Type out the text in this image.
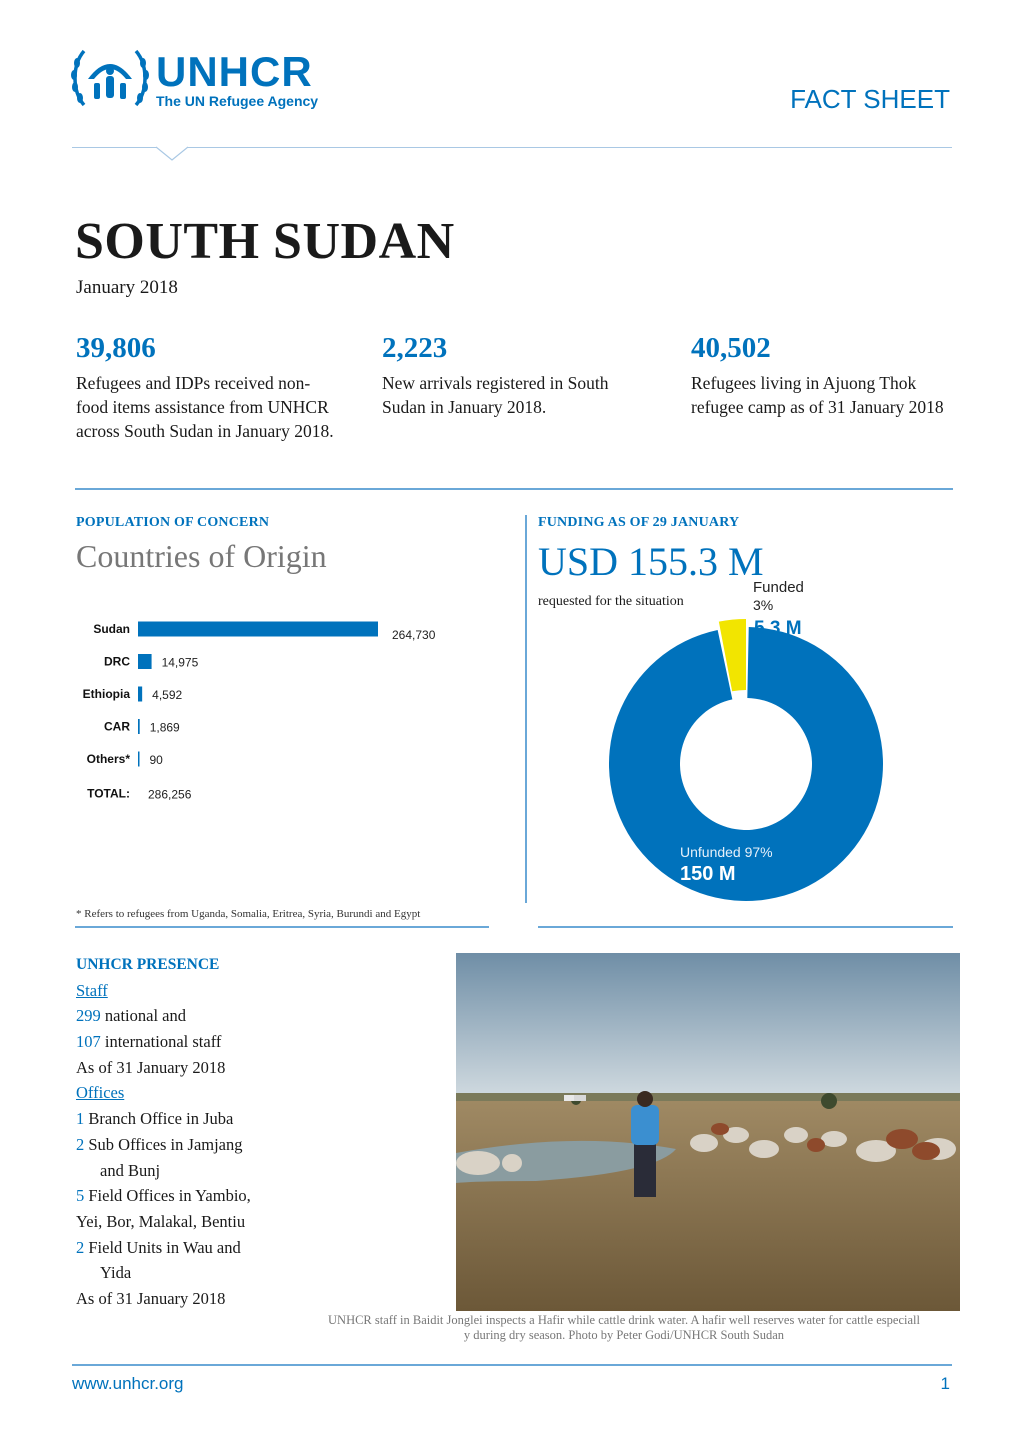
UNHCR
The UN Refugee Agency	FACT SHEET
SOUTH SUDAN
January 2018
39,806
Refugees and IDPs received non-
food items assistance from UNHCR
across South Sudan in January 2018.
2,223
New arrivals registered in South
Sudan in January 2018.
40,502
Refugees living in Ajuong Thok
refugee camp as of 31 January 2018
POPULATION OF CONCERN
Countries of Origin
Sudan	264,730
DRC	14,975
Ethiopia 4,592
CAR 1,869
Others* 90
TOTAL: 286,256
* Refers to refugees from Uganda, Somalia, Eritrea, Syria, Burundi and Egypt
FUNDING AS OF 29 JANUARY
USD 155.3 M
requested for the situation
Funded
3%
5.3 M
Unfunded 97%
150 M
UNHCR PRESENCE
Staff
299 national and
107 international staff
As of 31 January 2018
Offices
1 Branch Office in Juba
2 Sub Offices in Jamjang
and Bunj
5 Field Offices in Yambio,
Yei, Bor, Malakal, Bentiu
2 Field Units in Wau and
Yida
As of 31 January 2018
UNHCR staff in Baidit Jonglei inspects a Hafir while cattle drink water. A hafir well reserves water for cattle especiall
y during dry season. Photo by Peter Godi/UNHCR South Sudan
www.unhcr.org	1
